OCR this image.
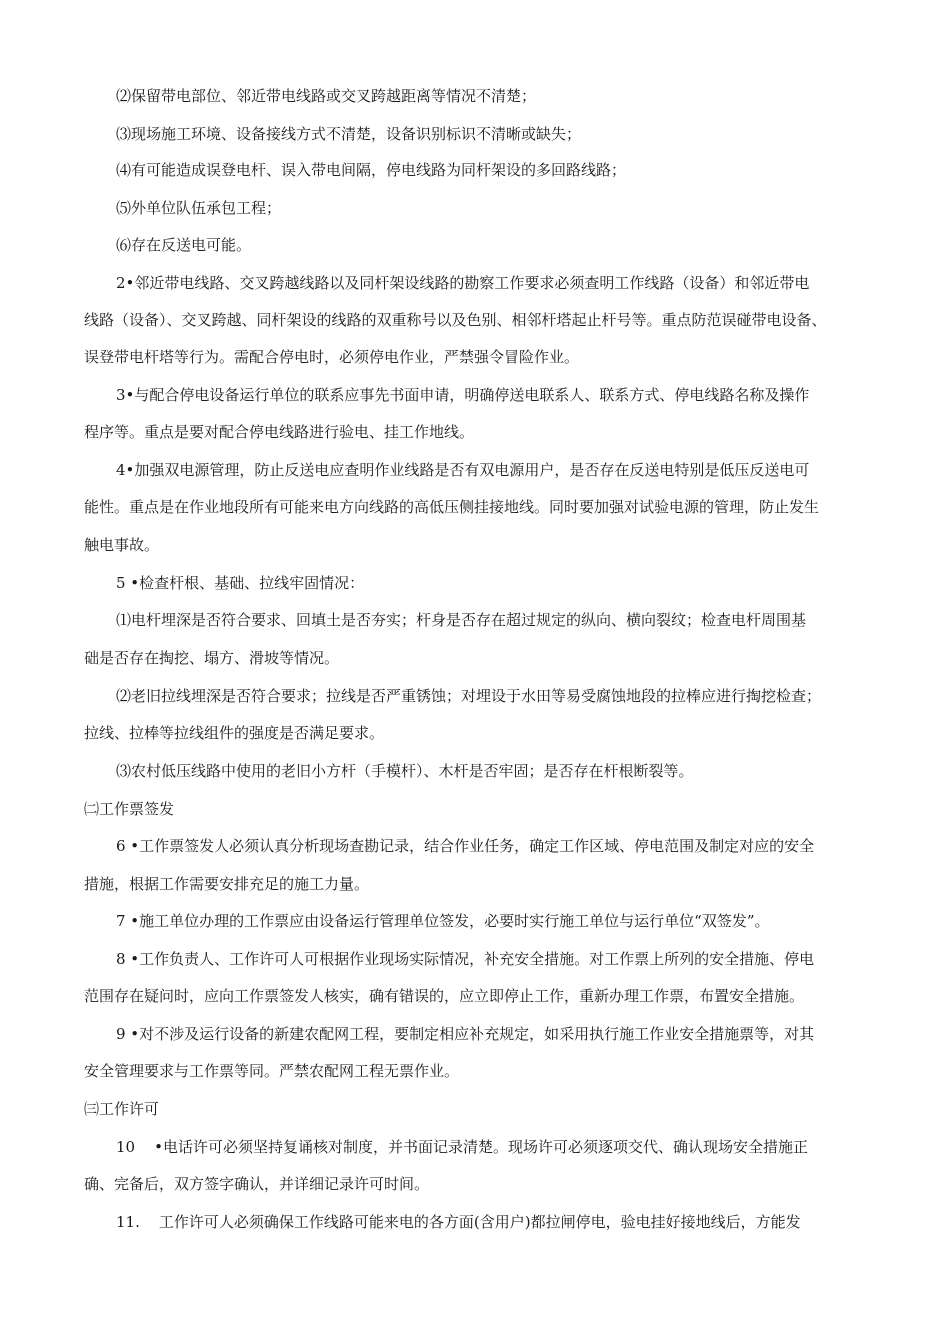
⑵保留带电部位、邻近带电线路或交叉跨越距离等情况不清楚；
⑶现场施工环境、设备接线方式不清楚，设备识别标识不清晰或缺失；
⑷有可能造成误登电杆、误入带电间隔，停电线路为同杆架设的多回路线路；
⑸外单位队伍承包工程；
⑹存在反送电可能。
2•邻近带电线路、交叉跨越线路以及同杆架设线路的勘察工作要求必须查明工作线路（设备）和邻近带电
线路（设备）、交叉跨越、同杆架设的线路的双重称号以及色别、相邻杆塔起止杆号等。重点防范误碰带电设备、
误登带电杆塔等行为。需配合停电时，必须停电作业，严禁强令冒险作业。
3•与配合停电设备运行单位的联系应事先书面申请，明确停送电联系人、联系方式、停电线路名称及操作
程序等。重点是要对配合停电线路进行验电、挂工作地线。
4•加强双电源管理，防止反送电应查明作业线路是否有双电源用户，是否存在反送电特别是低压反送电可
能性。重点是在作业地段所有可能来电方向线路的高低压侧挂接地线。同时要加强对试验电源的管理，防止发生
触电事故。
5 •检查杆根、基础、拉线牢固情况：
⑴电杆埋深是否符合要求、回填土是否夯实；杆身是否存在超过规定的纵向、横向裂纹；检查电杆周围基
础是否存在掏挖、塌方、滑坡等情况。
⑵老旧拉线埋深是否符合要求；拉线是否严重锈蚀；对埋设于水田等易受腐蚀地段的拉棒应进行掏挖检查；
拉线、拉棒等拉线组件的强度是否满足要求。
⑶农村低压线路中使用的老旧小方杆（手模杆）、木杆是否牢固；是否存在杆根断裂等。
㈡工作票签发
6 •工作票签发人必须认真分析现场查勘记录，结合作业任务，确定工作区域、停电范围及制定对应的安全
措施，根据工作需要安排充足的施工力量。
7 •施工单位办理的工作票应由设备运行管理单位签发，必要时实行施工单位与运行单位“双签发”。
8 •工作负责人、工作许可人可根据作业现场实际情况，补充安全措施。对工作票上所列的安全措施、停电
范围存在疑问时，应向工作票签发人核实，确有错误的，应立即停止工作，重新办理工作票，布置安全措施。
9 •对不涉及运行设备的新建农配网工程，要制定相应补充规定，如采用执行施工作业安全措施票等，对其
安全管理要求与工作票等同。严禁农配网工程无票作业。
㈢工作许可
10    •电话许可必须坚持复诵核对制度，并书面记录清楚。现场许可必须逐项交代、确认现场安全措施正
确、完备后，双方签字确认，并详细记录许可时间。
11.    工作许可人必须确保工作线路可能来电的各方面(含用户)都拉闸停电，验电挂好接地线后，方能发
